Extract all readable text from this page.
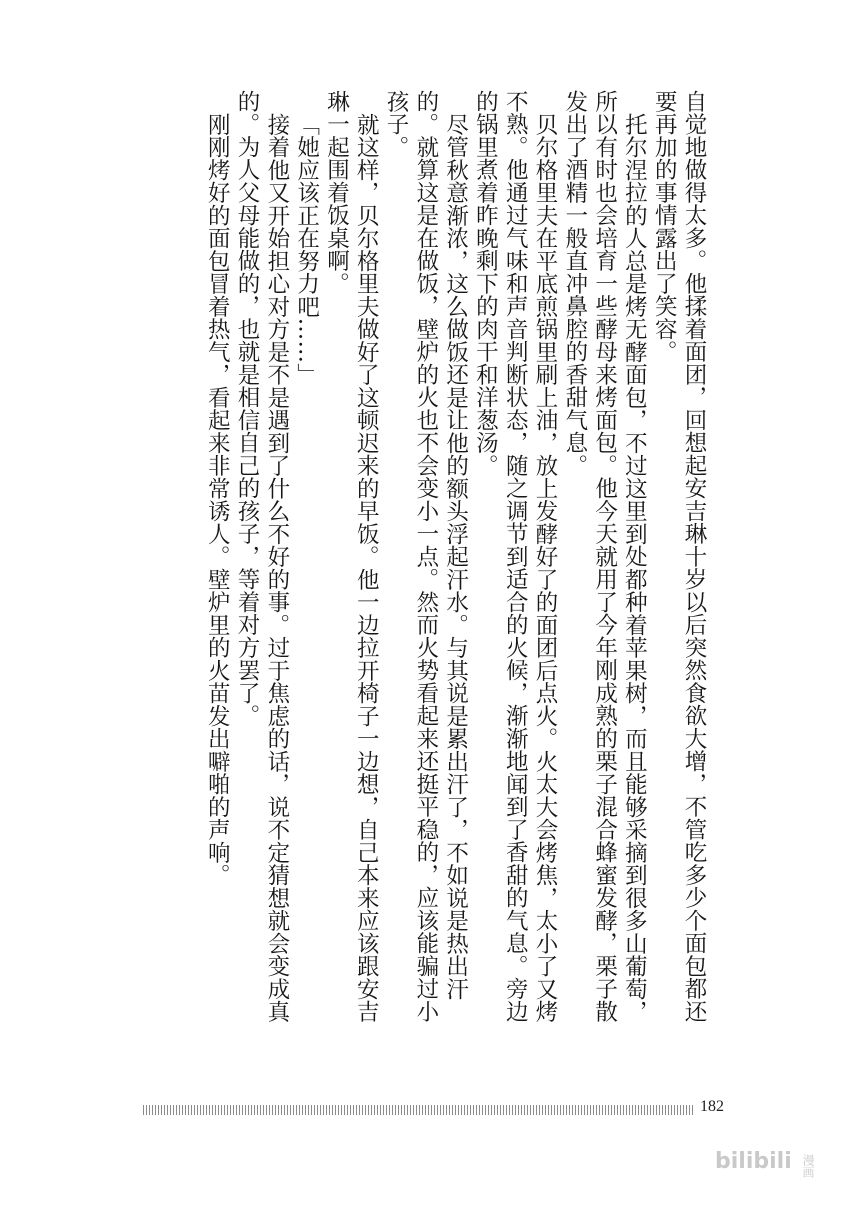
自觉地做得太多。他揉着面团，回想起安吉琳十岁以后突然食欲大增，不管吃多少个面包都还要再加的事情露出了笑容。

托尔涅拉的人总是烤无酵面包，不过这里到处都种着苹果树，而且能够采摘到很多山葡萄，所以有时也会培育一些酵母来烤面包。他今天就用了今年刚成熟的栗子混合蜂蜜发酵，栗子散发出了酒精一般直冲鼻腔的香甜气息。

贝尔格里夫在平底煎锅里刷上油，放上发酵好了的面团后点火。火太大会烤焦，太小了又烤不熟。他通过气味和声音判断状态，随之调节到适合的火候，渐渐地闻到了香甜的气息。旁边的锅里煮着昨晚剩下的肉干和洋葱汤。

尽管秋意渐浓，这么做饭还是让他的额头浮起汗水。与其说是累出汗了，不如说是热出汗的。就算这是在做饭，壁炉的火也不会变小一点。然而火势看起来还挺平稳的，应该能骗过小孩子。

就这样，贝尔格里夫做好了这顿迟来的早饭。他一边拉开椅子一边想，自己本来应该跟安吉琳一起围着饭桌啊。

「她应该正在努力吧……」

接着他又开始担心对方是不是遇到了什么不好的事。过于焦虑的话，说不定猜想就会变成真的。为人父母能做的，也就是相信自己的孩子，等着对方罢了。

刚刚烤好的面包冒着热气，看起来非常诱人。壁炉里的火苗发出噼啪的声响。

182
bilibili 漫画
